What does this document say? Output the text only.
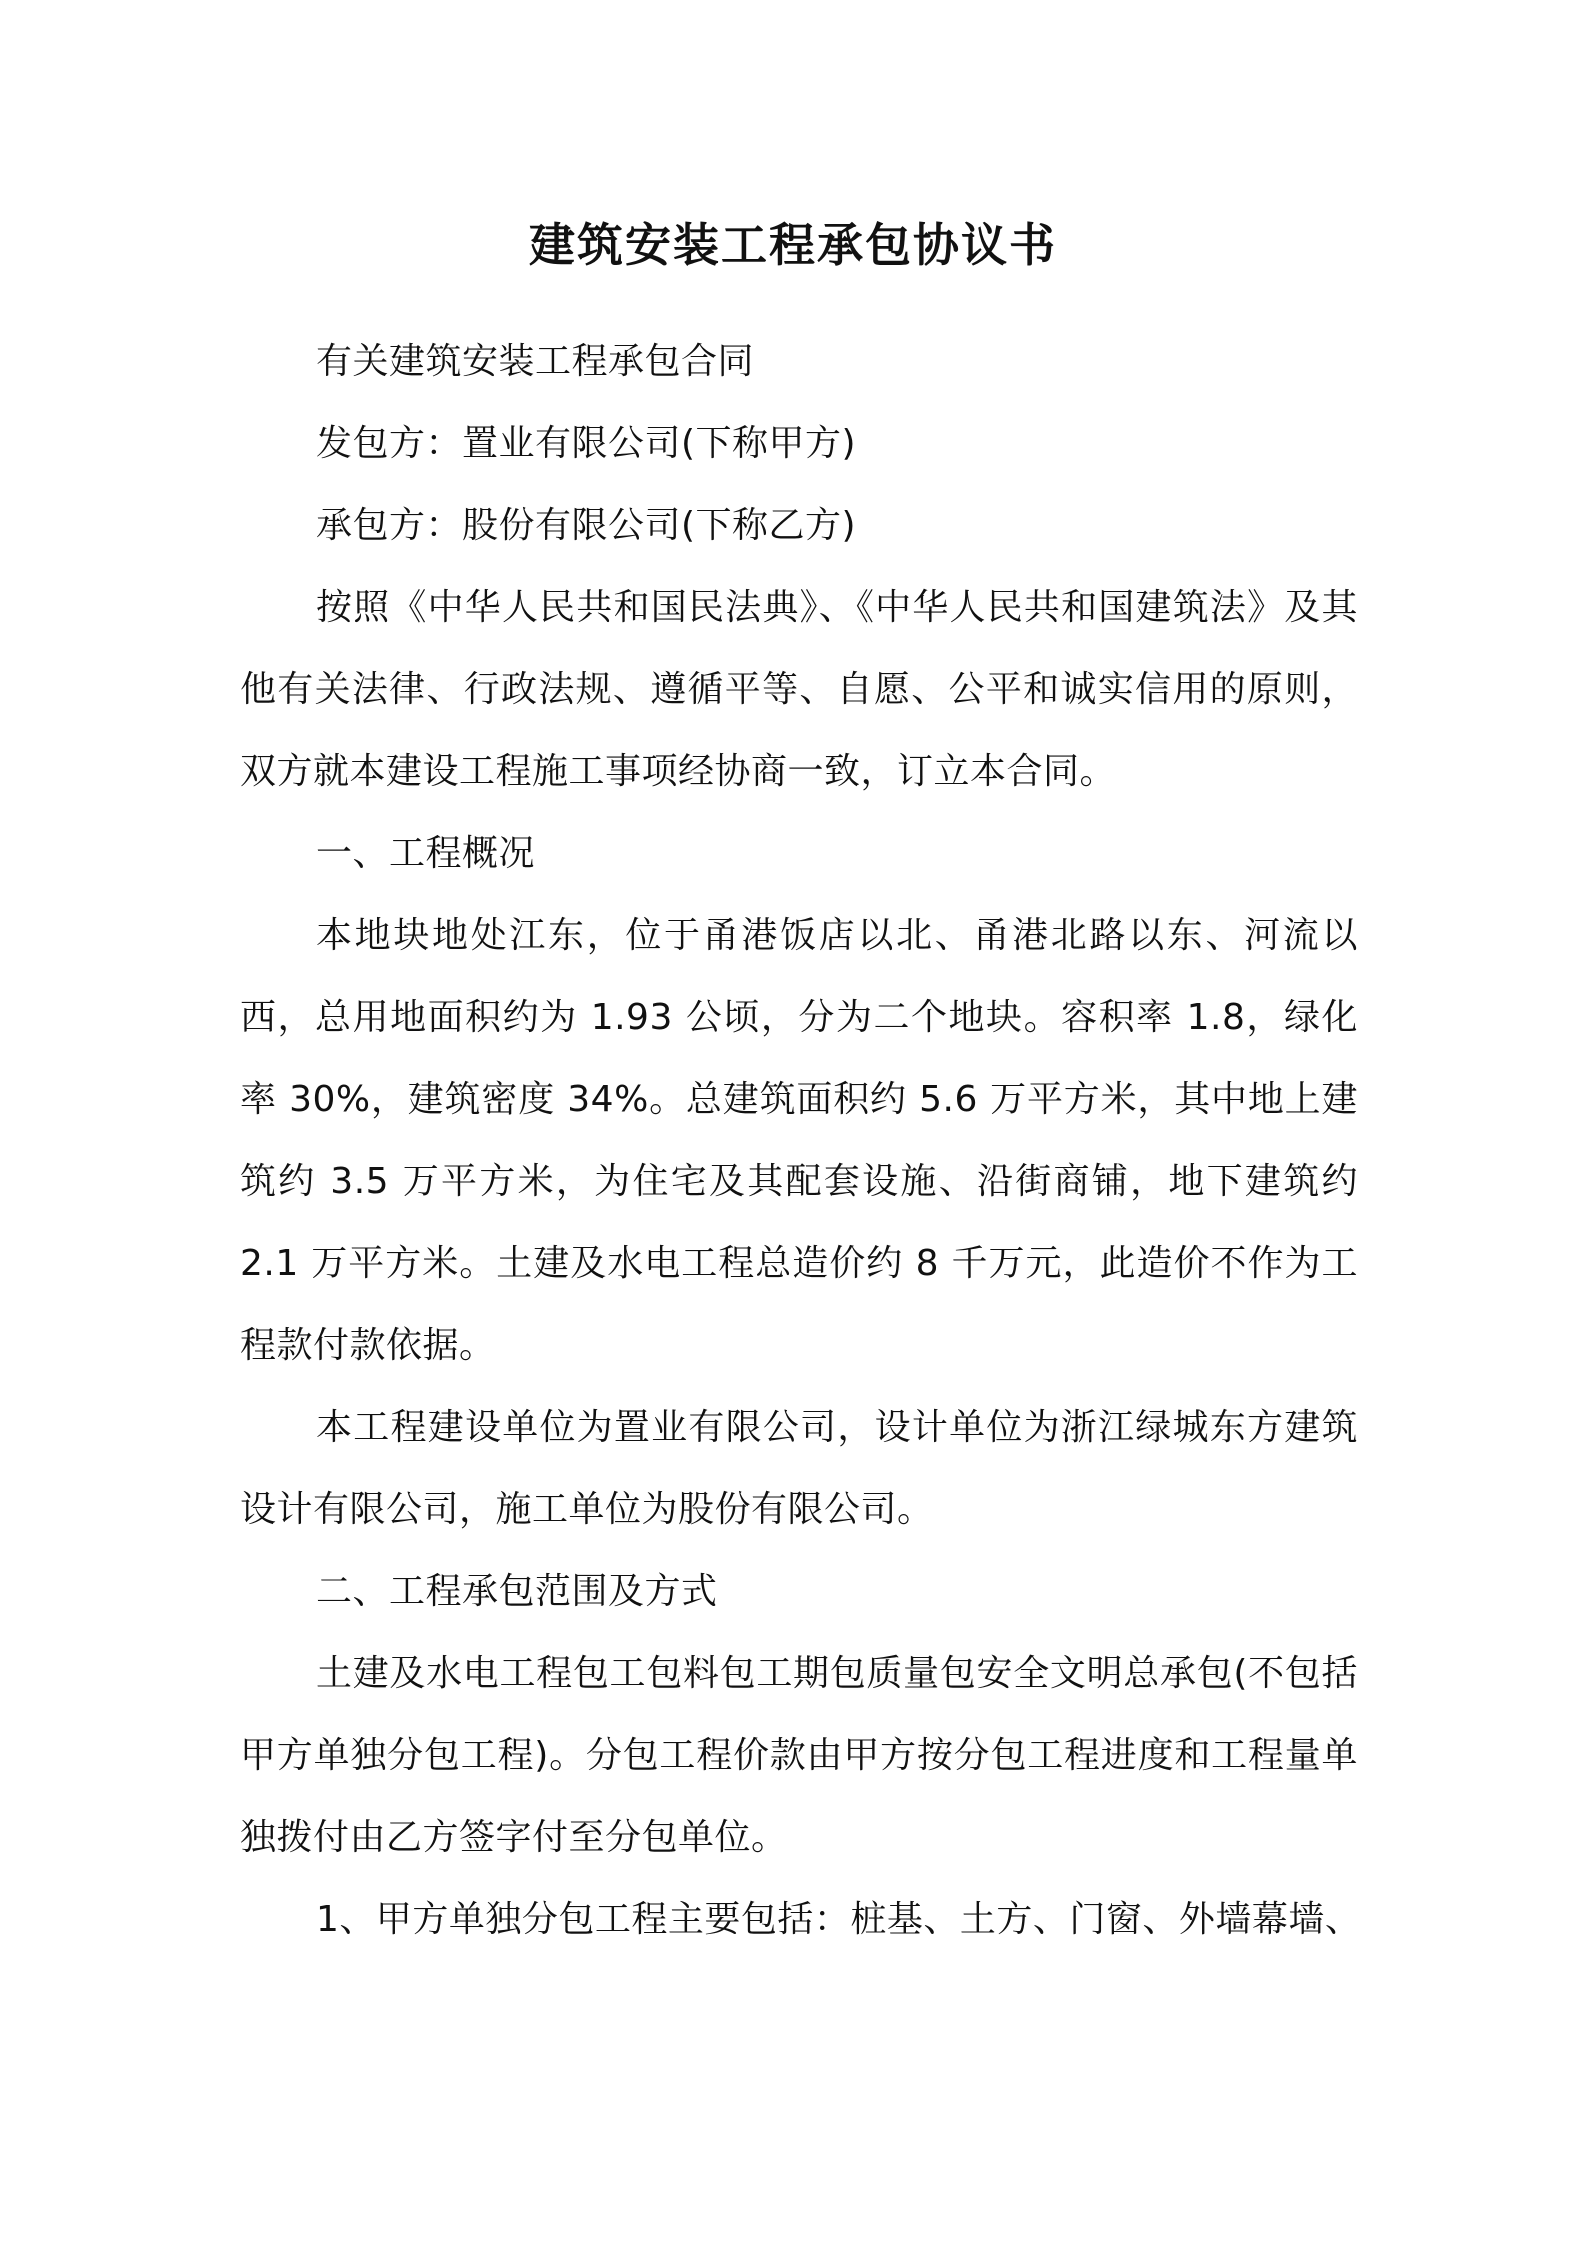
建筑安装工程承包协议书

有关建筑安装工程承包合同

发包方：置业有限公司(下称甲方)

承包方：股份有限公司(下称乙方)

按照《中华人民共和国民法典》、《中华人民共和国建筑法》及其他有关法律、行政法规、遵循平等、自愿、公平和诚实信用的原则，双方就本建设工程施工事项经协商一致，订立本合同。

一、工程概况

本地块地处江东，位于甬港饭店以北、甬港北路以东、河流以西，总用地面积约为 1.93 公顷，分为二个地块。容积率 1.8，绿化率 30%，建筑密度 34%。总建筑面积约 5.6 万平方米，其中地上建筑约 3.5 万平方米，为住宅及其配套设施、沿街商铺，地下建筑约 2.1 万平方米。土建及水电工程总造价约 8 千万元，此造价不作为工程款付款依据。

本工程建设单位为置业有限公司，设计单位为浙江绿城东方建筑设计有限公司，施工单位为股份有限公司。

二、工程承包范围及方式

土建及水电工程包工包料包工期包质量包安全文明总承包(不包括甲方单独分包工程)。分包工程价款由甲方按分包工程进度和工程量单独拨付由乙方签字付至分包单位。

1、甲方单独分包工程主要包括：桩基、土方、门窗、外墙幕墙、
